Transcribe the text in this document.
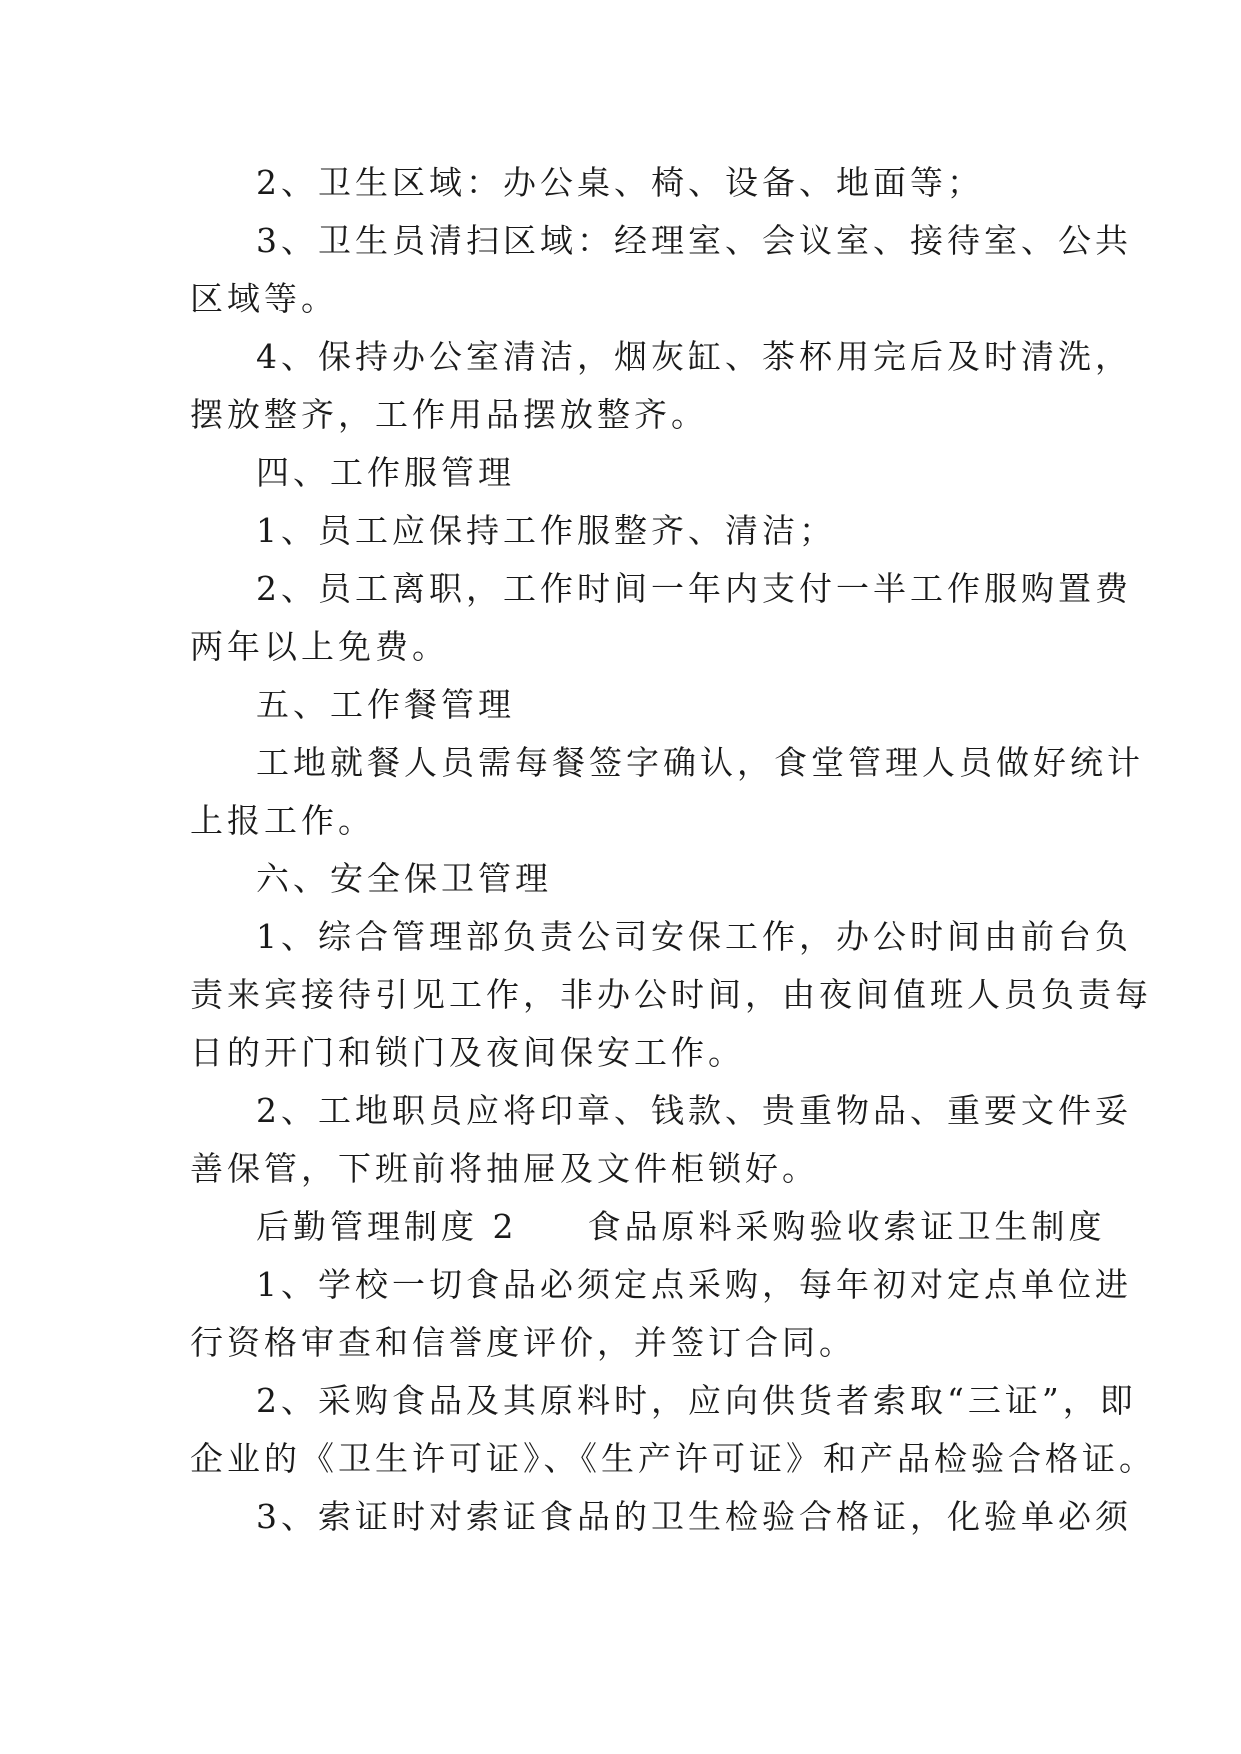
2、卫生区域：办公桌、椅、设备、地面等；
3、卫生员清扫区域：经理室、会议室、接待室、公共
区域等。
4、保持办公室清洁，烟灰缸、茶杯用完后及时清洗，
摆放整齐，工作用品摆放整齐。
四、工作服管理
1、员工应保持工作服整齐、清洁；
2、员工离职，工作时间一年内支付一半工作服购置费
两年以上免费。
五、工作餐管理
工地就餐人员需每餐签字确认，食堂管理人员做好统计
上报工作。
六、安全保卫管理
1、综合管理部负责公司安保工作，办公时间由前台负
责来宾接待引见工作，非办公时间，由夜间值班人员负责每
日的开门和锁门及夜间保安工作。
2、工地职员应将印章、钱款、贵重物品、重要文件妥
善保管，下班前将抽屉及文件柜锁好。
后勤管理制度 2 食品原料采购验收索证卫生制度
1、学校一切食品必须定点采购，每年初对定点单位进
行资格审查和信誉度评价，并签订合同。
2、采购食品及其原料时，应向供货者索取“三证”，即
企业的《卫生许可证》、《生产许可证》和产品检验合格证。
3、索证时对索证食品的卫生检验合格证，化验单必须
